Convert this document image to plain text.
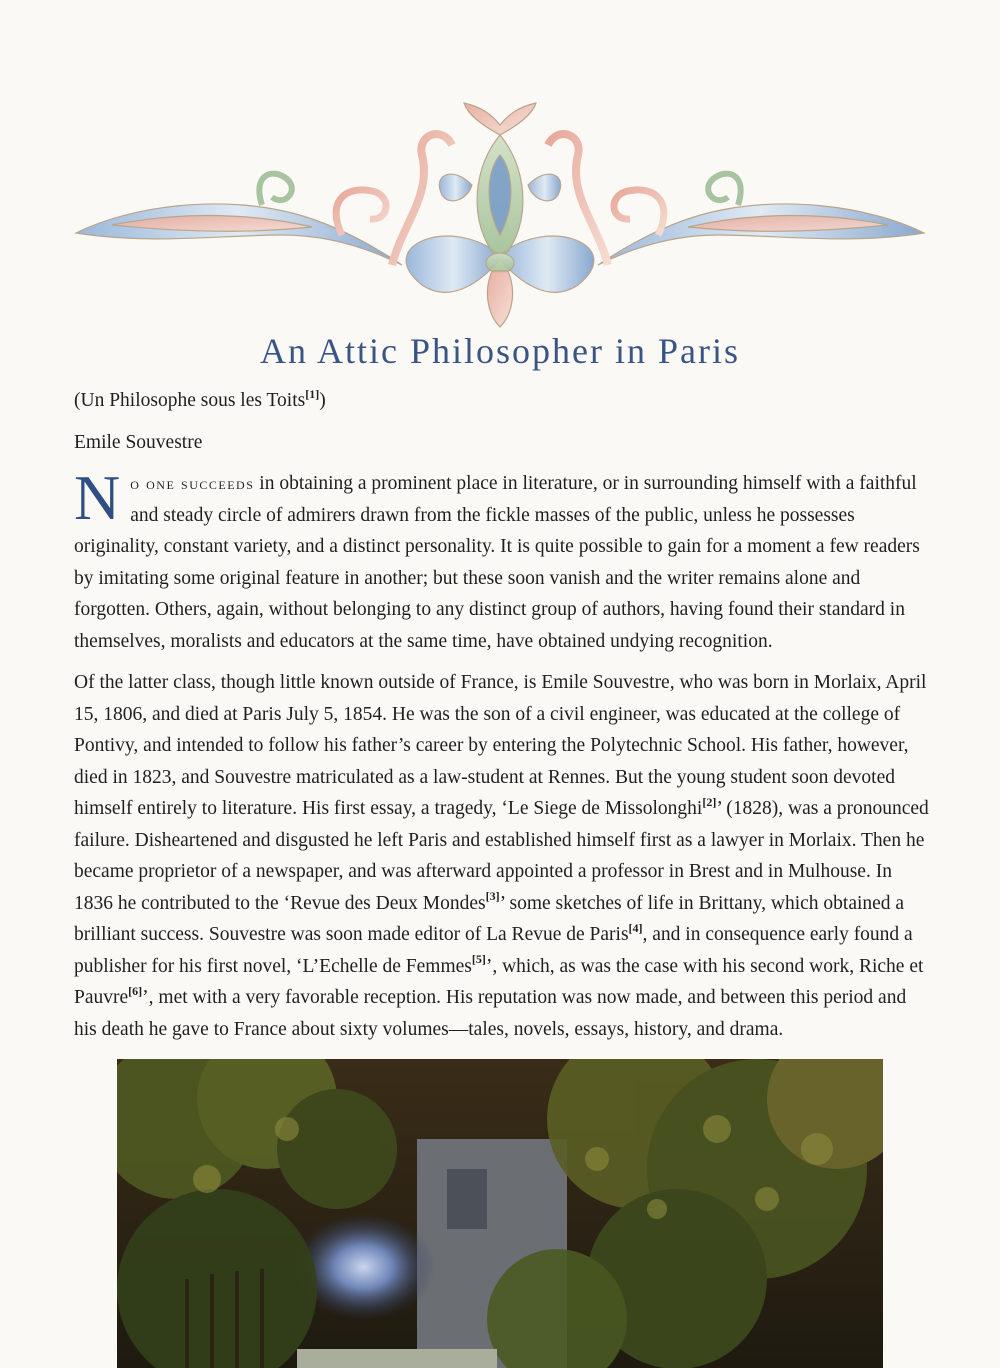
An Attic Philosopher in Paris

(Un Philosophe sous les Toits[1])

Emile Souvestre

No one succeeds in obtaining a prominent place in literature, or in surrounding himself with a faithful and steady circle of admirers drawn from the fickle masses of the public, unless he possesses originality, constant variety, and a distinct personality. It is quite possible to gain for a moment a few readers by imitating some original feature in another; but these soon vanish and the writer remains alone and forgotten. Others, again, without belonging to any distinct group of authors, having found their standard in themselves, moralists and educators at the same time, have obtained undying recognition.

Of the latter class, though little known outside of France, is Emile Souvestre, who was born in Morlaix, April 15, 1806, and died at Paris July 5, 1854. He was the son of a civil engineer, was educated at the college of Pontivy, and intended to follow his father’s career by entering the Polytechnic School. His father, however, died in 1823, and Souvestre matriculated as a law-student at Rennes. But the young student soon devoted himself entirely to literature. His first essay, a tragedy, ‘Le Siege de Missolonghi[2]’ (1828), was a pronounced failure. Disheartened and disgusted he left Paris and established himself first as a lawyer in Morlaix. Then he became proprietor of a newspaper, and was afterward appointed a professor in Brest and in Mulhouse. In 1836 he contributed to the ‘Revue des Deux Mondes[3]’ some sketches of life in Brittany, which obtained a brilliant success. Souvestre was soon made editor of La Revue de Paris[4], and in consequence early found a publisher for his first novel, ‘L’Echelle de Femmes[5]’, which, as was the case with his second work, Riche et Pauvre[6]’, met with a very favorable reception. His reputation was now made, and between this period and his death he gave to France about sixty volumes—tales, novels, essays, history, and drama.
